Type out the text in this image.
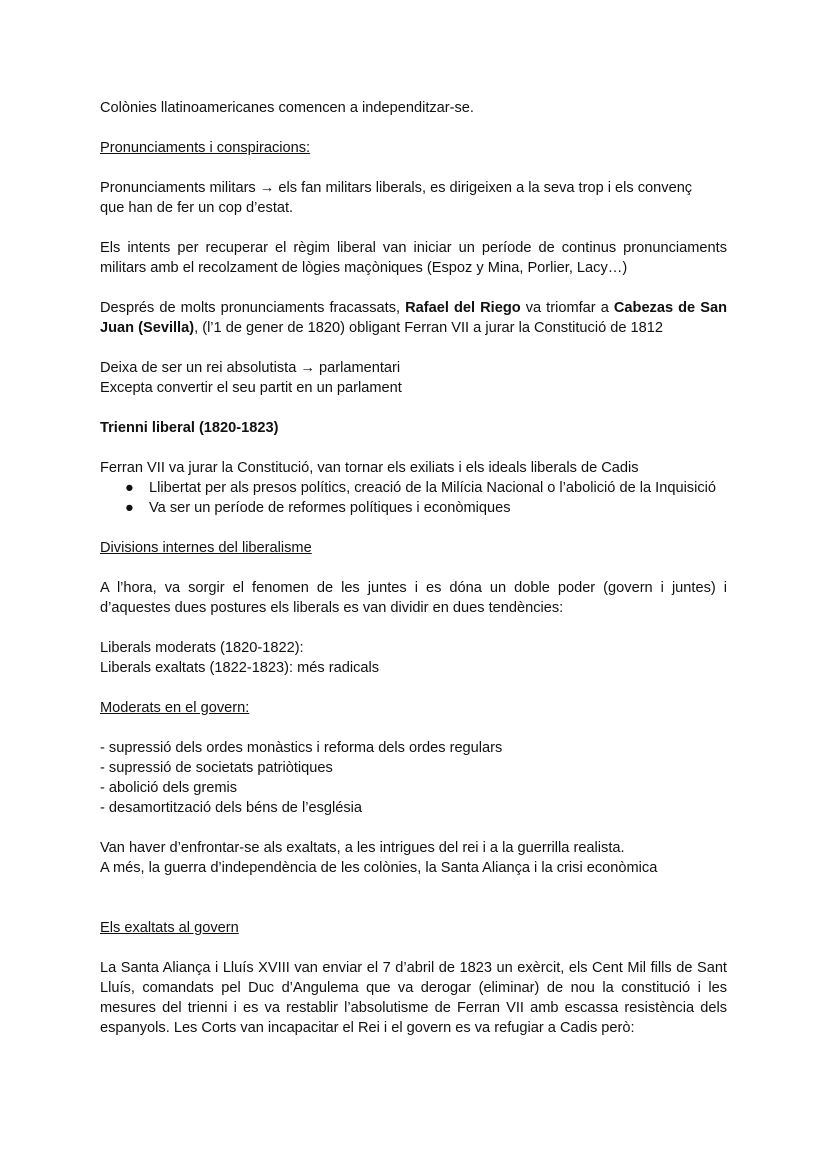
Colònies llatinoamericanes comencen a independitzar-se.

Pronunciaments i conspiracions:

Pronunciaments militars → els fan militars liberals, es dirigeixen a la seva trop i els convenç

que han de fer un cop d’estat.

Els intents per recuperar el règim liberal van iniciar un període de continus pronunciaments militars amb el recolzament de lògies maçòniques (Espoz y Mina, Porlier, Lacy…)

Després de molts pronunciaments fracassats, Rafael del Riego va triomfar a Cabezas de San Juan (Sevilla), (l’1 de gener de 1820) obligant Ferran VII a jurar la Constitució de 1812

Deixa de ser un rei absolutista → parlamentari

Excepta convertir el seu partit en un parlament

Trienni liberal (1820-1823)

Ferran VII va jurar la Constitució, van tornar els exiliats i els ideals liberals de Cadis

● Llibertat per als presos polítics, creació de la Milícia Nacional o l’abolició de la Inquisició
● Va ser un període de reformes polítiques i econòmiques

Divisions internes del liberalisme

A l’hora, va sorgir el fenomen de les juntes i es dóna un doble poder (govern i juntes) i d’aquestes dues postures els liberals es van dividir en dues tendències:

Liberals moderats (1820-1822):

Liberals exaltats (1822-1823): més radicals

Moderats en el govern:

- supressió dels ordes monàstics i reforma dels ordes regulars

- supressió de societats patriòtiques

- abolició dels gremis

- desamortització dels béns de l’església

Van haver d’enfrontar-se als exaltats, a les intrigues del rei i a la guerrilla realista.

A més, la guerra d’independència de les colònies, la Santa Aliança i la crisi econòmica

Els exaltats al govern

La Santa Aliança i Lluís XVIII van enviar el 7 d’abril de 1823 un exèrcit, els Cent Mil fills de Sant Lluís, comandats pel Duc d’Angulema que va derogar (eliminar) de nou la constitució i les mesures del trienni i es va restablir l’absolutisme de Ferran VII amb escassa resistència dels espanyols. Les Corts van incapacitar el Rei i el govern es va refugiar a Cadis però:
